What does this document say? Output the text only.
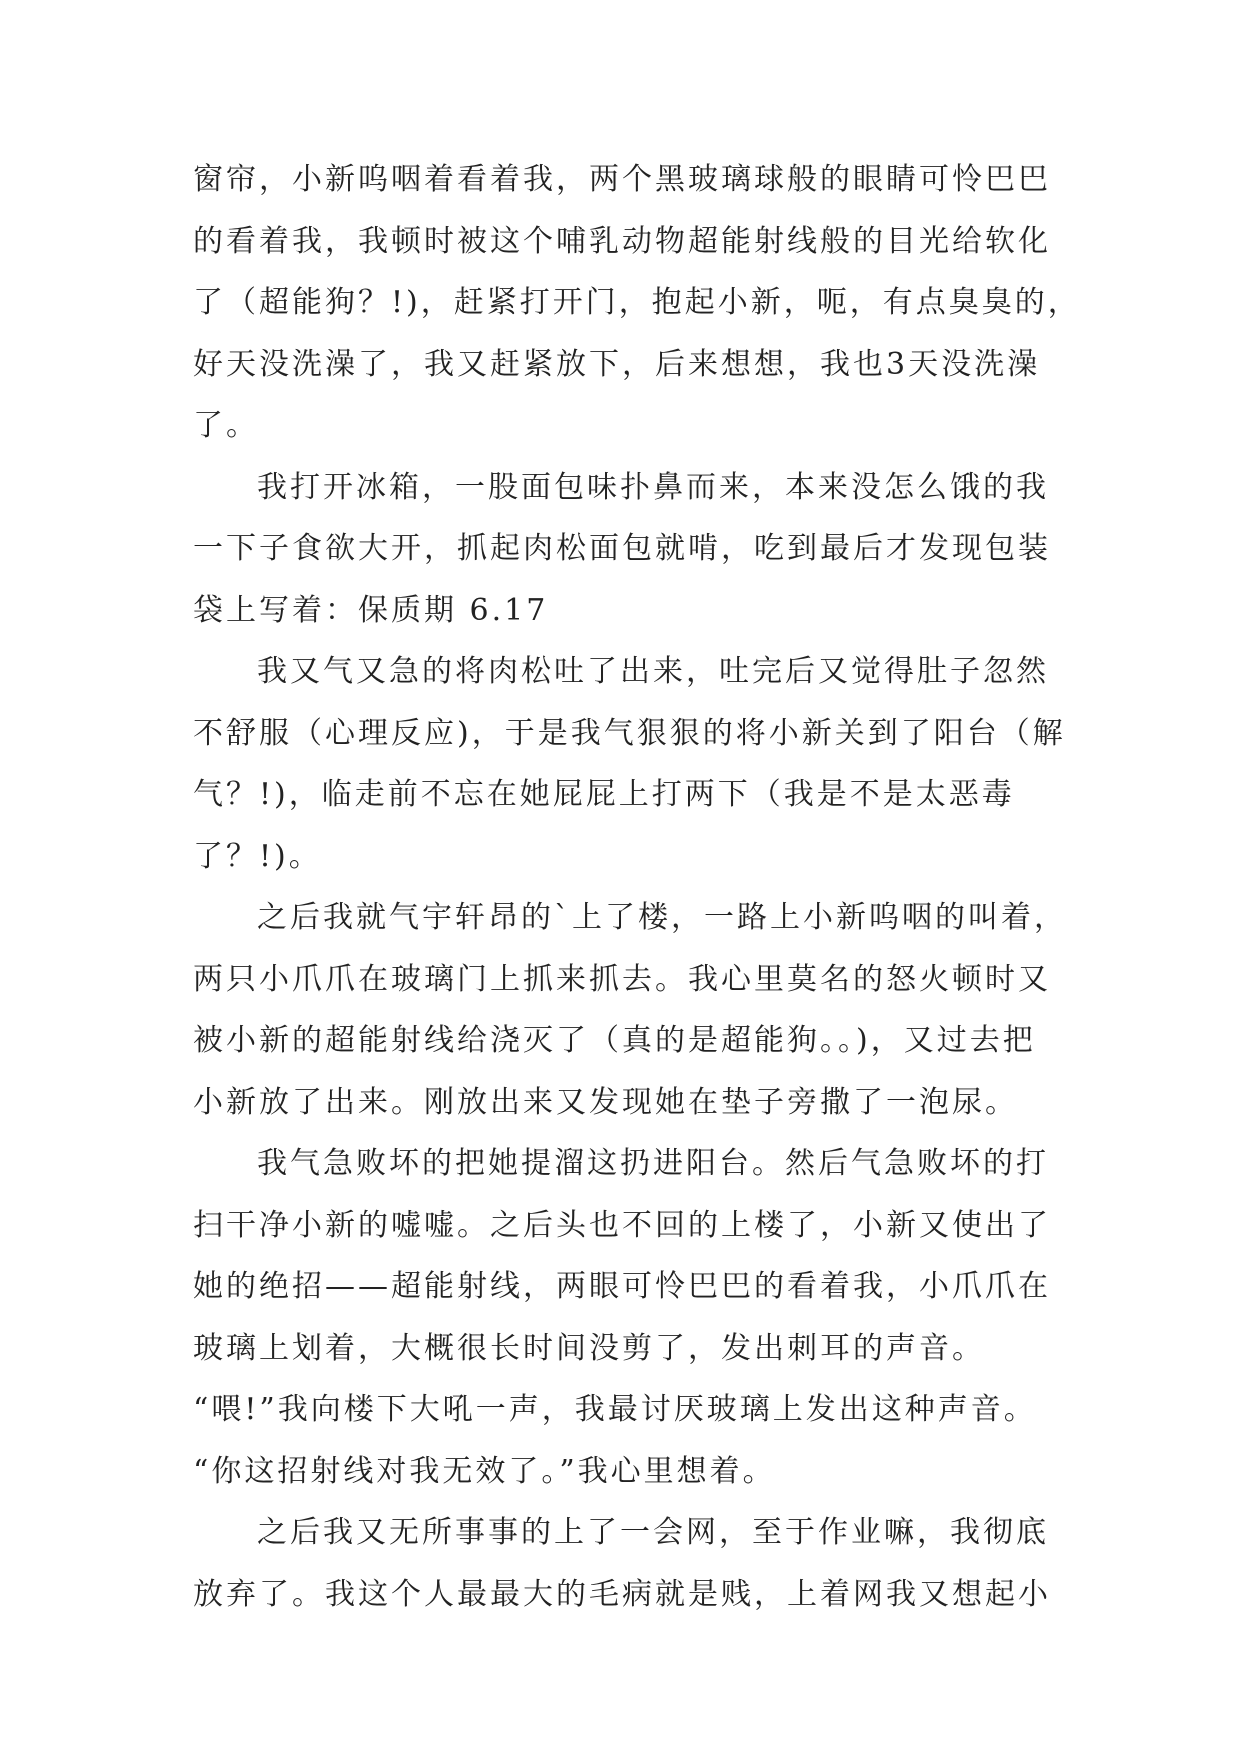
窗帘，小新呜咽着看着我，两个黑玻璃球般的眼睛可怜巴巴
的看着我，我顿时被这个哺乳动物超能射线般的目光给软化
了（超能狗？!)，赶紧打开门，抱起小新，呃，有点臭臭的，
好天没洗澡了，我又赶紧放下，后来想想，我也3天没洗澡
了。
我打开冰箱，一股面包味扑鼻而来，本来没怎么饿的我
一下子食欲大开，抓起肉松面包就啃，吃到最后才发现包装
袋上写着：保质期 6.17
我又气又急的将肉松吐了出来，吐完后又觉得肚子忽然
不舒服（心理反应)，于是我气狠狠的将小新关到了阳台（解
气？!)，临走前不忘在她屁屁上打两下（我是不是太恶毒
了？!)。
之后我就气宇轩昂的`上了楼，一路上小新呜咽的叫着，
两只小爪爪在玻璃门上抓来抓去。我心里莫名的怒火顿时又
被小新的超能射线给浇灭了（真的是超能狗。。)，又过去把
小新放了出来。刚放出来又发现她在垫子旁撒了一泡尿。
我气急败坏的把她提溜这扔进阳台。然后气急败坏的打
扫干净小新的嘘嘘。之后头也不回的上楼了，小新又使出了
她的绝招——超能射线，两眼可怜巴巴的看着我，小爪爪在
玻璃上划着，大概很长时间没剪了，发出刺耳的声音。
“喂!”我向楼下大吼一声，我最讨厌玻璃上发出这种声音。
“你这招射线对我无效了。”我心里想着。
之后我又无所事事的上了一会网，至于作业嘛，我彻底
放弃了。我这个人最最大的毛病就是贱，上着网我又想起小
